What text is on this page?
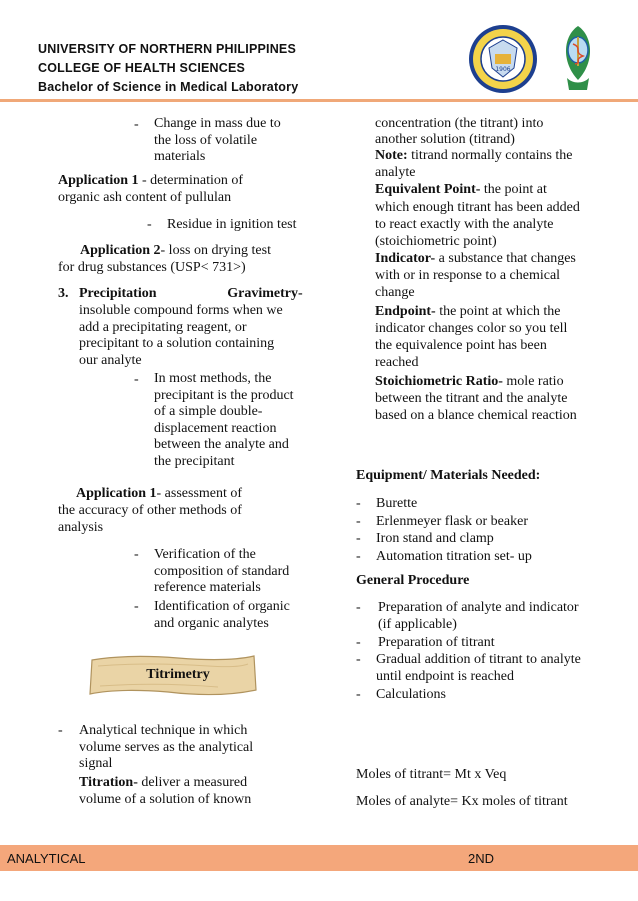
UNIVERSITY OF NORTHERN PHILIPPINES
COLLEGE OF HEALTH SCIENCES
Bachelor of Science in Medical Laboratory
1906
- Change in mass due to
the loss of volatile
materials
Application 1 - determination of
organic ash content of pullulan
- Residue in ignition test
Application 2- loss on drying test
for drug substances (USP< 731>)
3. Precipitation	Gravimetry -
insoluble compound forms when we
add a precipitating reagent, or
precipitant to a solution containing
our analyte
- In most methods, the
precipitant is the product
of a simple double-
displacement reaction
between the analyte and
the precipitant
Application 1- assessment of
the accuracy of other methods of
analysis
- Verification of the
composition of standard
reference materials
- Identification of organic
and organic analytes
Titrimetry
- Analytical technique in which
volume serves as the analytical
signal
Titration- deliver a measured
volume of a solution of known
concentration (the titrant) into
another solution (titrand)
Note: titrand normally contains the
analyte
Equivalent Point- the point at
which enough titrant has been added
to react exactly with the analyte
(stoichiometric point)
Indicator- a substance that changes
with or in response to a chemical
change
Endpoint- the point at which the
indicator changes color so you tell
the equivalence point has been
reached
Stoichiometric Ratio- mole ratio
between the titrant and the analyte
based on a blance chemical reaction
Equipment/ Materials Needed:
- Burette
- Erlenmeyer flask or beaker
- Iron stand and clamp
- Automation titration set- up
General Procedure
- Preparation of analyte and indicator
(if applicable)
- Preparation of titrant
- Gradual addition of titrant to analyte
until endpoint is reached
- Calculations
Moles of titrant= Mt x Veq
Moles of analyte= Kx moles of titrant
ANALYTICAL	2ND
